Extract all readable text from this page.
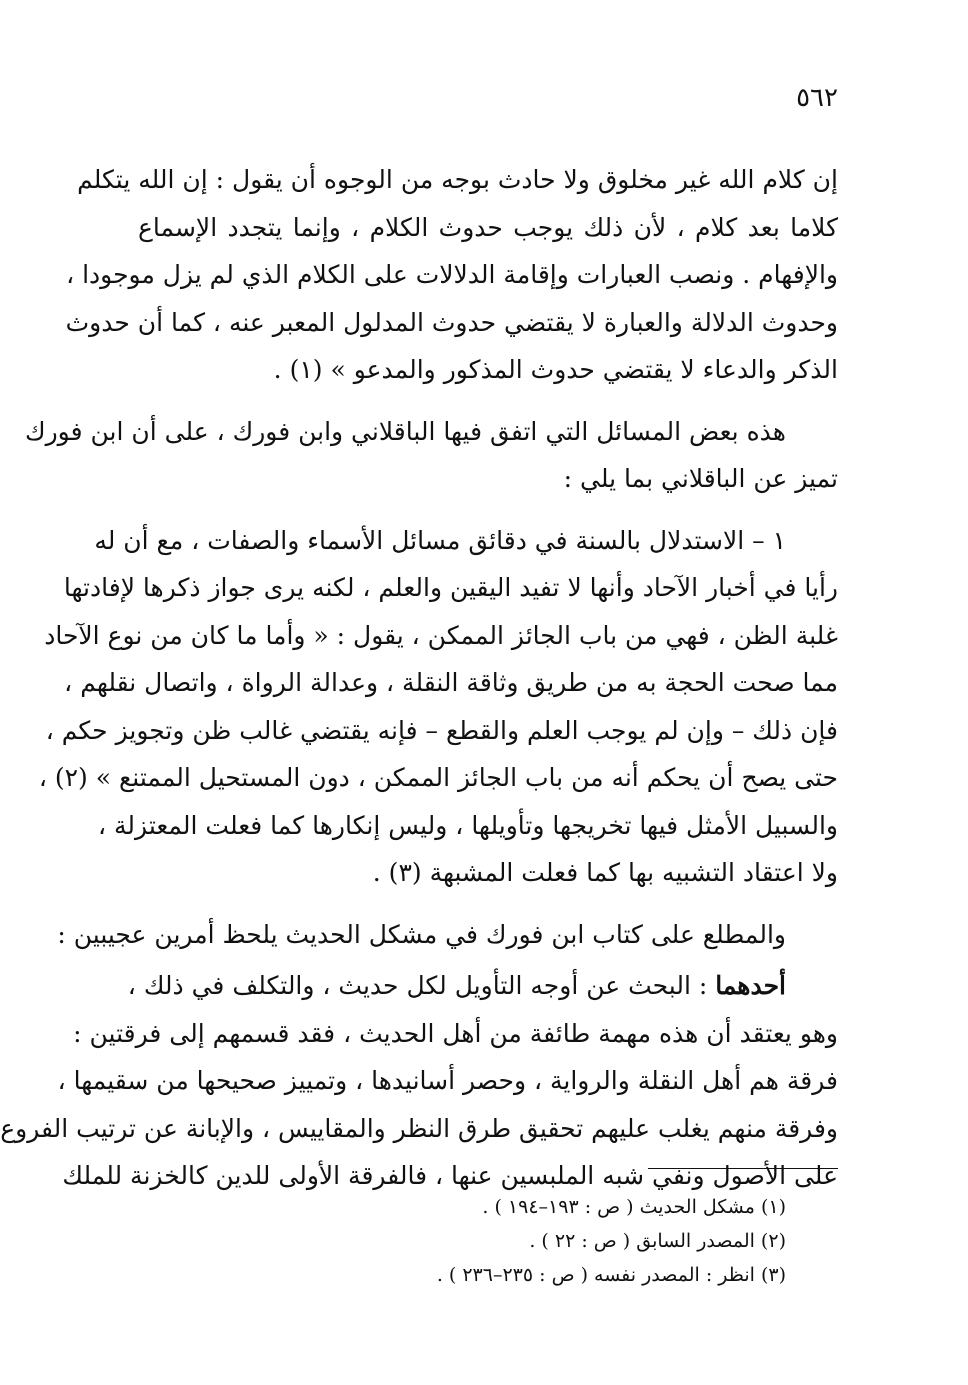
٥٦٢

إن كلام الله غير مخلوق ولا حادث بوجه من الوجوه أن يقول : إن الله يتكلم
كلاما بعد كلام ، لأن ذلك يوجب حدوث الكلام ، وإنما يتجدد الإسماع
والإفهام . ونصب العبارات وإقامة الدلالات على الكلام الذي لم يزل موجودا ،
وحدوث الدلالة والعبارة لا يقتضي حدوث المدلول المعبر عنه ، كما أن حدوث
الذكر والدعاء لا يقتضي حدوث المذكور والمدعو » (١) .

هذه بعض المسائل التي اتفق فيها الباقلاني وابن فورك ، على أن ابن فورك
تميز عن الباقلاني بما يلي :

١ – الاستدلال بالسنة في دقائق مسائل الأسماء والصفات ، مع أن له
رأيا في أخبار الآحاد وأنها لا تفيد اليقين والعلم ، لكنه يرى جواز ذكرها لإفادتها
غلبة الظن ، فهي من باب الجائز الممكن ، يقول : « وأما ما كان من نوع الآحاد
مما صحت الحجة به من طريق وثاقة النقلة ، وعدالة الرواة ، واتصال نقلهم ،
فإن ذلك – وإن لم يوجب العلم والقطع – فإنه يقتضي غالب ظن وتجويز حكم ،
حتى يصح أن يحكم أنه من باب الجائز الممكن ، دون المستحيل الممتنع » (٢) ،
والسبيل الأمثل فيها تخريجها وتأويلها ، وليس إنكارها كما فعلت المعتزلة ،
ولا اعتقاد التشبيه بها كما فعلت المشبهة (٣) .

والمطلع على كتاب ابن فورك في مشكل الحديث يلحظ أمرين عجيبين :

أحدهما : البحث عن أوجه التأويل لكل حديث ، والتكلف في ذلك ،
وهو يعتقد أن هذه مهمة طائفة من أهل الحديث ، فقد قسمهم إلى فرقتين :
فرقة هم أهل النقلة والرواية ، وحصر أسانيدها ، وتمييز صحيحها من سقيمها ،
وفرقة منهم يغلب عليهم تحقيق طرق النظر والمقاييس ، والإبانة عن ترتيب الفروع
على الأصول ونفي شبه الملبسين عنها ، فالفرقة الأولى للدين كالخزنة للملك

(١) مشكل الحديث ( ص : ١٩٣–١٩٤ ) .

(٢) المصدر السابق ( ص : ٢٢ ) .

(٣) انظر : المصدر نفسه ( ص : ٢٣٥–٢٣٦ ) .
